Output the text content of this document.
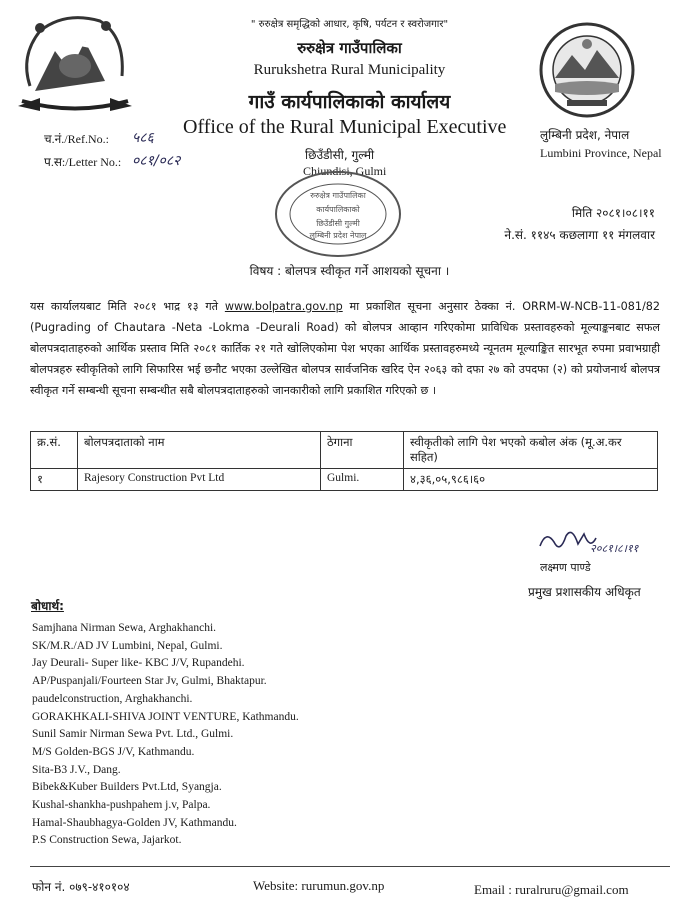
" रुरुक्षेत्र समृद्धिको आधार, कृषि, पर्यटन र स्वरोजगार"
रुरुक्षेत्र गाउँपालिका
Rurukshetra Rural Municipality
गाउँ कार्यपालिकाको कार्यालय
Office of the Rural Municipal Executive
च.नं./Ref.No.: ५८६
प.स:/Letter No.: ०८१/०८२
लुम्बिनी प्रदेश, नेपाल
Lumbini Province, Nepal
छिउँडीसी, गुल्मी
Chiundisi, Gulmi
रुरुक्षेत्र गाउँपालिका
कार्यपालिकाको
छिउँडीसी गुल्मी
लुम्बिनी प्रदेश नेपाल
मिति २०८१।०८।११
ने.सं. ११४५ कछलागा ११ मंगलवार
विषय : बोलपत्र स्वीकृत गर्ने आशयको सूचना ।
यस कार्यालयबाट मिति २०८१ भाद्र १३ गते www.bolpatra.gov.np मा प्रकाशित सूचना अनुसार ठेक्का नं. ORRM-W-NCB-11-081/82 (Pugrading of Chautara -Neta -Lokma -Deurali Road) को बोलपत्र आव्हान गरिएकोमा प्राविधिक प्रस्तावहरुको मूल्याङ्कनबाट सफल बोलपत्रदाताहरुको आर्थिक प्रस्ताव मिति २०८१ कार्तिक २१ गते खोलिएकोमा पेश भएका आर्थिक प्रस्तावहरुमध्ये न्यूनतम मूल्याङ्कित सारभूत रुपमा प्रवाभग्राही बोलपत्रहरु स्वीकृतिको लागि सिफारिस भई छनौट भएका उल्लेखित बोलपत्र सार्वजनिक खरिद ऐन २०६३ को दफा २७ को उपदफा (२) को प्रयोजनार्थ बोलपत्र स्वीकृत गर्ने सम्बन्धी सूचना सम्बन्धीत सबै बोलपत्रदाताहरुको जानकारीको लागि प्रकाशित गरिएको छ ।
क्र.सं.	बोलपत्रदाताको नाम	ठेगाना	स्वीकृतीको लागि पेश भएको कबोल अंक (मू.अ.कर सहित)
१	Rajesory Construction Pvt Ltd	Gulmi.	४,३६,०५,९८६।६०
२०८१।८।११
लक्ष्मण पाण्डे
प्रमुख प्रशासकीय अधिकृत
बोधार्थ:
Samjhana Nirman Sewa, Arghakhanchi.
SK/M.R./AD JV Lumbini, Nepal, Gulmi.
Jay Deurali- Super like- KBC J/V, Rupandehi.
AP/Puspanjali/Fourteen Star Jv, Gulmi, Bhaktapur.
paudelconstruction, Arghakhanchi.
GORAKHKALI-SHIVA JOINT VENTURE, Kathmandu.
Sunil Samir Nirman Sewa Pvt. Ltd., Gulmi.
M/S Golden-BGS J/V, Kathmandu.
Sita-B3 J.V., Dang.
Bibek&Kuber Builders Pvt.Ltd, Syangja.
Kushal-shankha-pushpahem j.v, Palpa.
Hamal-Shaubhagya-Golden JV, Kathmandu.
P.S Construction Sewa, Jajarkot.
फोन नं. ०७९-४१०१०४	Website: rurumun.gov.np	Email : ruralruru@gmail.com
